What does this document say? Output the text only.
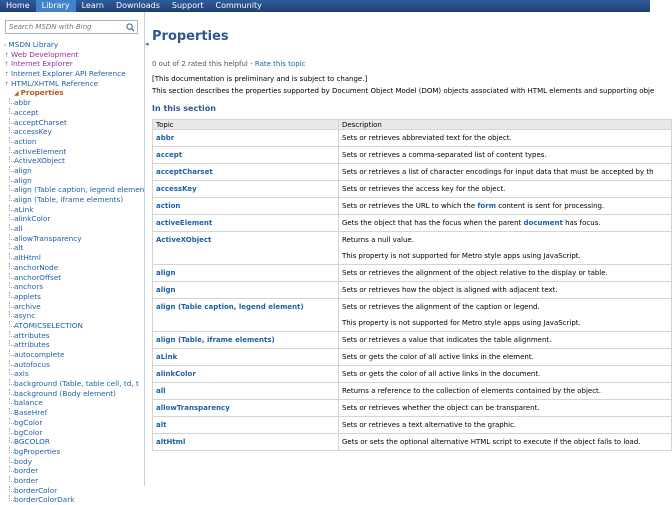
Home	Library	Learn	Downloads	Support	Community
Search MSDN with Bing
‹ MSDN Library
↑ Web Development
↑ Internet Explorer
↑ Internet Explorer API Reference
↑ HTML/XHTML Reference
◢ Properties
abbr
accept
acceptCharset
accessKey
action
activeElement
ActiveXObject
align
align
align (Table caption, legend elemen
align (Table, iframe elements)
aLink
alinkColor
all
allowTransparency
alt
altHtml
anchorNode
anchorOffset
anchors
applets
archive
async
ATOMICSELECTION
attributes
attributes
autocomplete
autofocus
axis
background (Table, table cell, td, t
background (Body element)
balance
BaseHref
bgColor
bgColor
BGCOLOR
bgProperties
body
border
border
borderColor
borderColorDark
◂ Properties
0 out of 2 rated this helpful - Rate this topic
[This documentation is preliminary and is subject to change.]
This section describes the properties supported by Document Object Model (DOM) objects associated with HTML elements and supporting obje
In this section
Topic	Description
abbr	Sets or retrieves abbreviated text for the object.

accept	Sets or retrieves a comma-separated list of content types.

acceptCharset	Sets or retrieves a list of character encodings for input data that must be accepted by th

accessKey	Sets or retrieves the access key for the object.

action	Sets or retrieves the URL to which the form content is sent for processing.

activeElement	Gets the object that has the focus when the parent document has focus.

ActiveXObject	Returns a null value.

This property is not supported for Metro style apps using JavaScript.

align	Sets or retrieves the alignment of the object relative to the display or table.

align	Sets or retrieves how the object is aligned with adjacent text.

align (Table caption, legend element)	Sets or retrieves the alignment of the caption or legend.

This property is not supported for Metro style apps using JavaScript.

align (Table, iframe elements)	Sets or retrieves a value that indicates the table alignment.

aLink	Sets or gets the color of all active links in the element.

alinkColor	Sets or gets the color of all active links in the document.

all	Returns a reference to the collection of elements contained by the object.

allowTransparency	Sets or retrieves whether the object can be transparent.

alt	Sets or retrieves a text alternative to the graphic.

altHtml	Gets or sets the optional alternative HTML script to execute if the object fails to load.
